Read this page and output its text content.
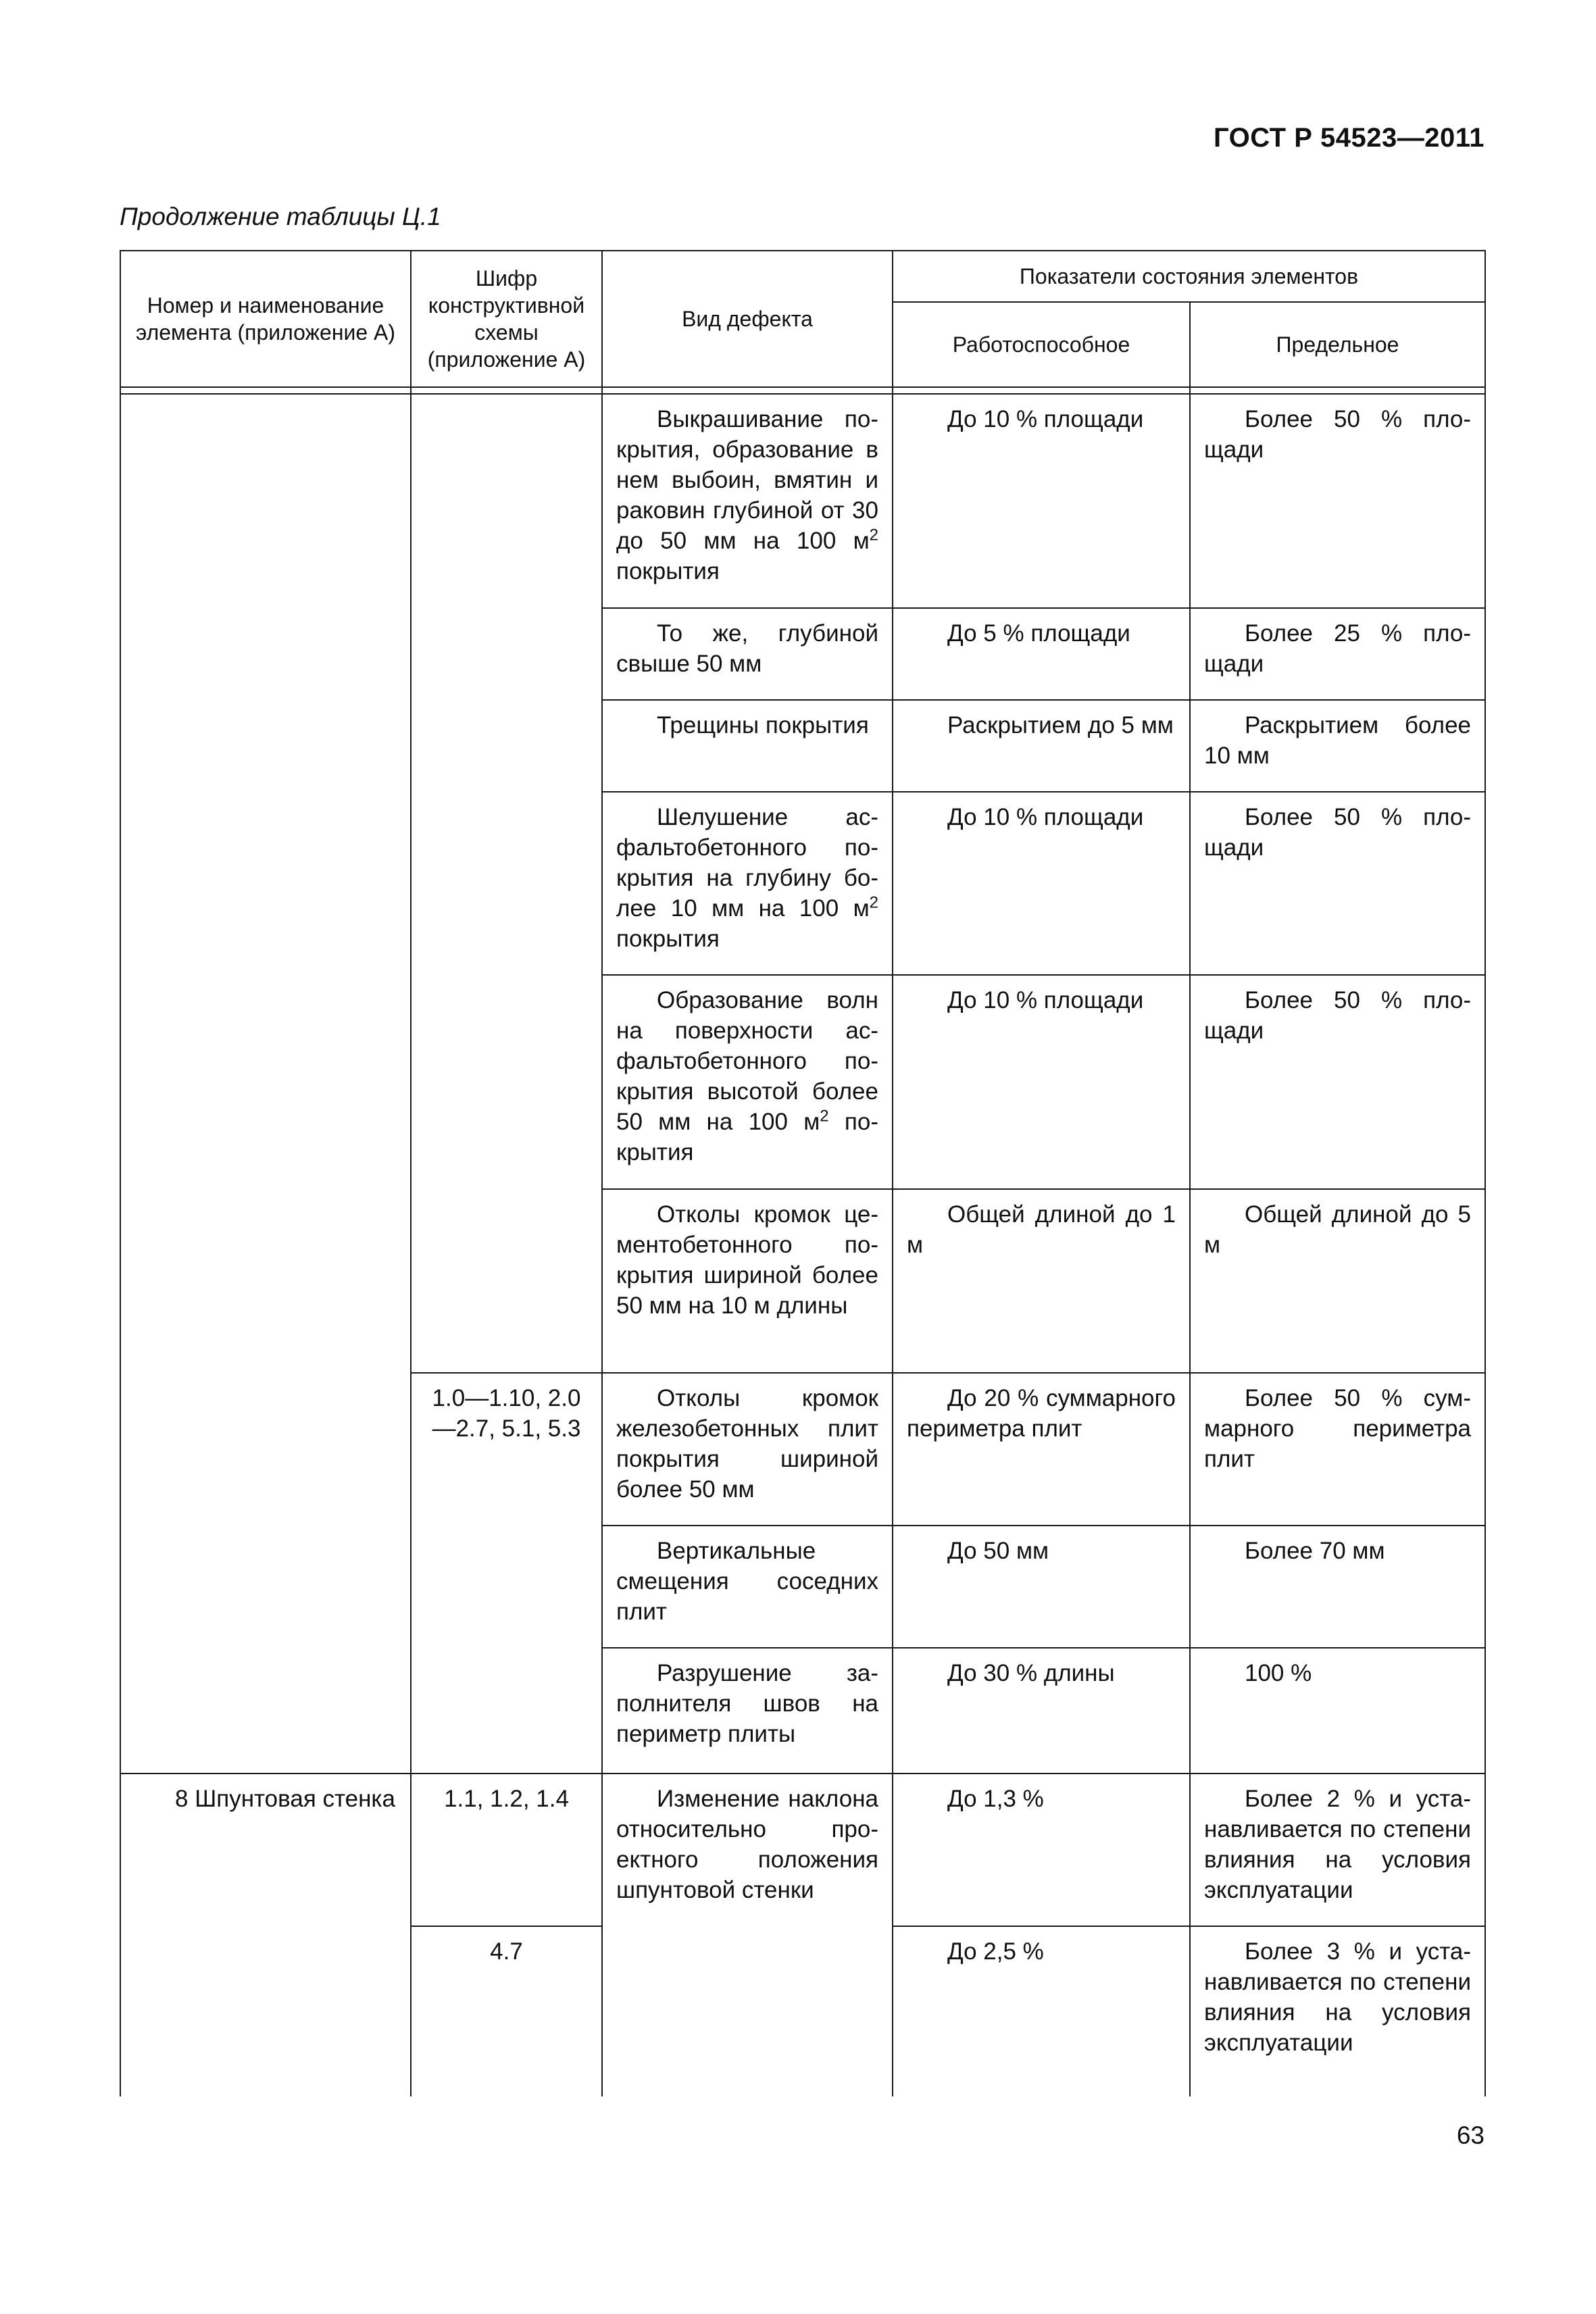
ГОСТ Р 54523—2011
Продолжение таблицы Ц.1
Номер и наименование элемента (приложение А)	Шифр конструктивной схемы (приложение А)	Вид дефекта	Показатели состояния элементов	
			Работоспособное	Предельное

		Выкрашивание покрытия, образование в нем выбоин, вмятин и раковин глубиной от 30 до 50 мм на 100 $м^2$ покрытия	До 10 % площади	Более 50 % площади
		То же, глубиной свыше 50 мм	До 5 % площади	Более 25 % площади
		Трещины покрытия	Раскрытием до 5 мм	Раскрытием более 10 мм
		Шелушение асфальтобетонного покрытия на глубину более 10 мм на 100 $м^2$ покрытия	До 10 % площади	Более 50 % площади
		Образование волн на поверхности асфальтобетонного покрытия высотой более 50 мм на 100 $м^2$ покрытия	До 10 % площади	Более 50 % площади
		Отколы кромок цементобетонного покрытия шириной более 50 мм на 10 м длины	Общей длиной до 1 м	Общей длиной до 5 м
	1.0—1.10, 2.0—2.7, 5.1, 5.3	Отколы кромок железобетонных плит покрытия шириной более 50 мм	До 20 % суммарного периметра плит	Более 50 % суммарного периметра плит
		Вертикальные смещения соседних плит	До 50 мм	Более 70 мм
		Разрушение заполнителя швов на периметр плиты	До 30 % длины	100 %
8 Шпунтовая стенка	1.1, 1.2, 1.4	Изменение наклона относительно проектного положения шпунтовой стенки	До 1,3 %	Более 2 % и устанавливается по степени влияния на условия эксплуатации
	4.7		До 2,5 %	Более 3 % и устанавливается по степени влияния на условия эксплуатации
63
